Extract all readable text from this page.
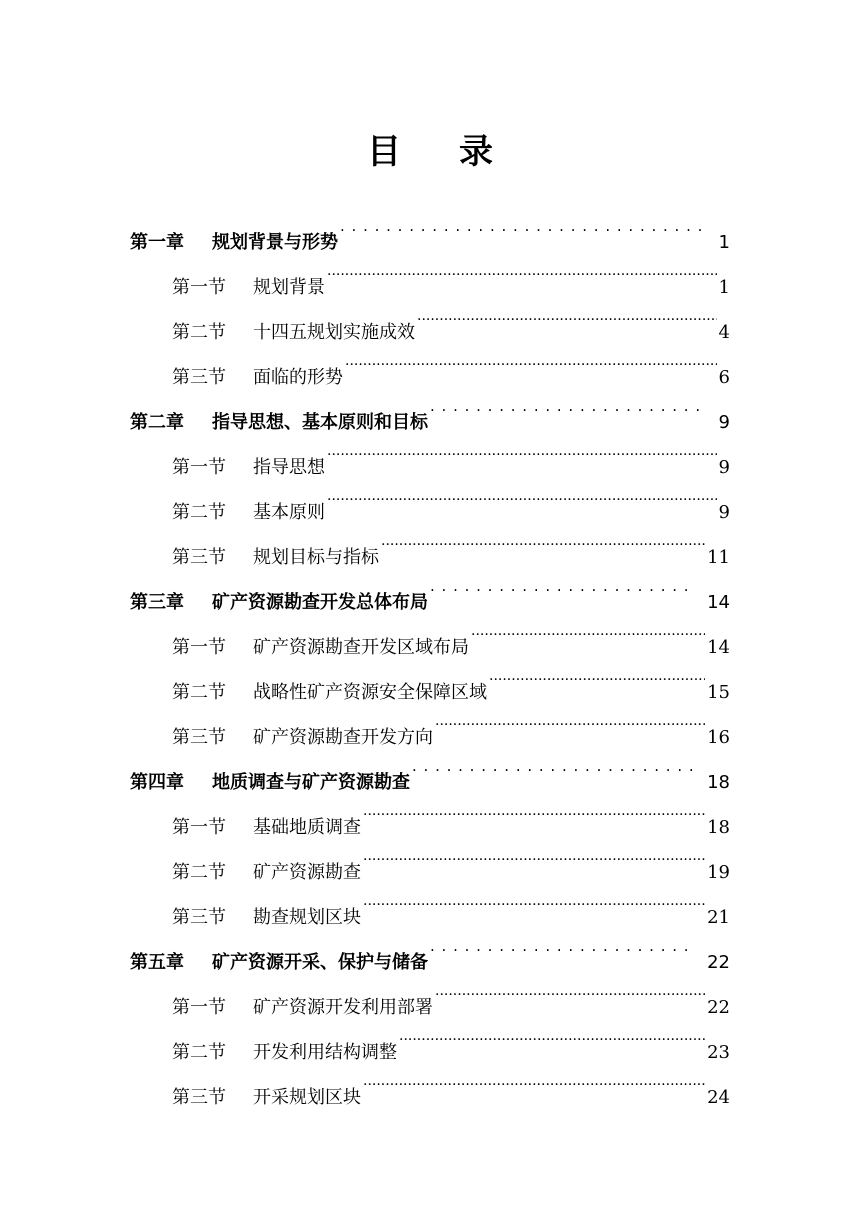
目 录
第一章	规划背景与形势 . . .	1
第一节	规划背景 .....	1
第二节	十四五规划实施成效 .....	4
第三节	面临的形势 .....	6
第二章	指导思想、基本原则和目标 . . .	9
第一节	指导思想 .....	9
第二节	基本原则 .....	9
第三节	规划目标与指标 .....	11
第三章	矿产资源勘查开发总体布局 . . .	14
第一节	矿产资源勘查开发区域布局 .....	14
第二节	战略性矿产资源安全保障区域 .....	15
第三节	矿产资源勘查开发方向 .....	16
第四章	地质调查与矿产资源勘查 . . .	18
第一节	基础地质调查 .....	18
第二节	矿产资源勘查 .....	19
第三节	勘查规划区块 .....	21
第五章	矿产资源开采、保护与储备 . . .	22
第一节	矿产资源开发利用部署 .....	22
第二节	开发利用结构调整 .....	23
第三节	开采规划区块 .....	24
